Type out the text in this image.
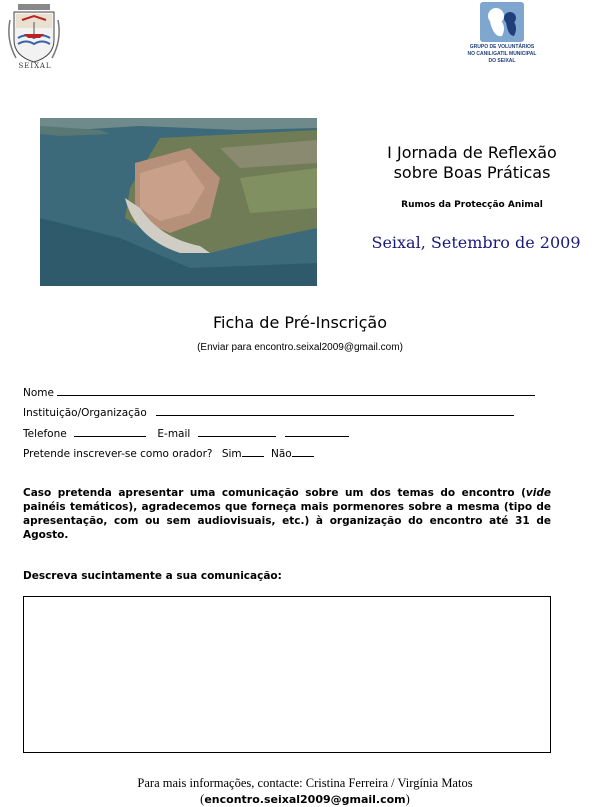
SEIXAL
GRUPO DE VOLUNTÁRIOS
NO CANIL/GATIL MUNICIPAL
DO SEIXAL
I Jornada de Reflexão
sobre Boas Práticas
Rumos da Protecção Animal
Seixal, Setembro de 2009
Ficha de Pré-Inscrição
(Enviar para encontro.seixal2009@gmail.com)
Nome
Instituição/Organização
Telefone	E-mail
Pretende inscrever-se como orador? Sim	Não
Caso pretenda apresentar uma comunicação sobre um dos temas do encontro (vide painéis temáticos), agradecemos que forneça mais pormenores sobre a mesma (tipo de apresentação, com ou sem audiovisuais, etc.) à organização do encontro até 31 de Agosto.
Descreva sucintamente a sua comunicação:
Para mais informações, contacte: Cristina Ferreira / Virgínia Matos
(encontro.seixal2009@gmail.com)
